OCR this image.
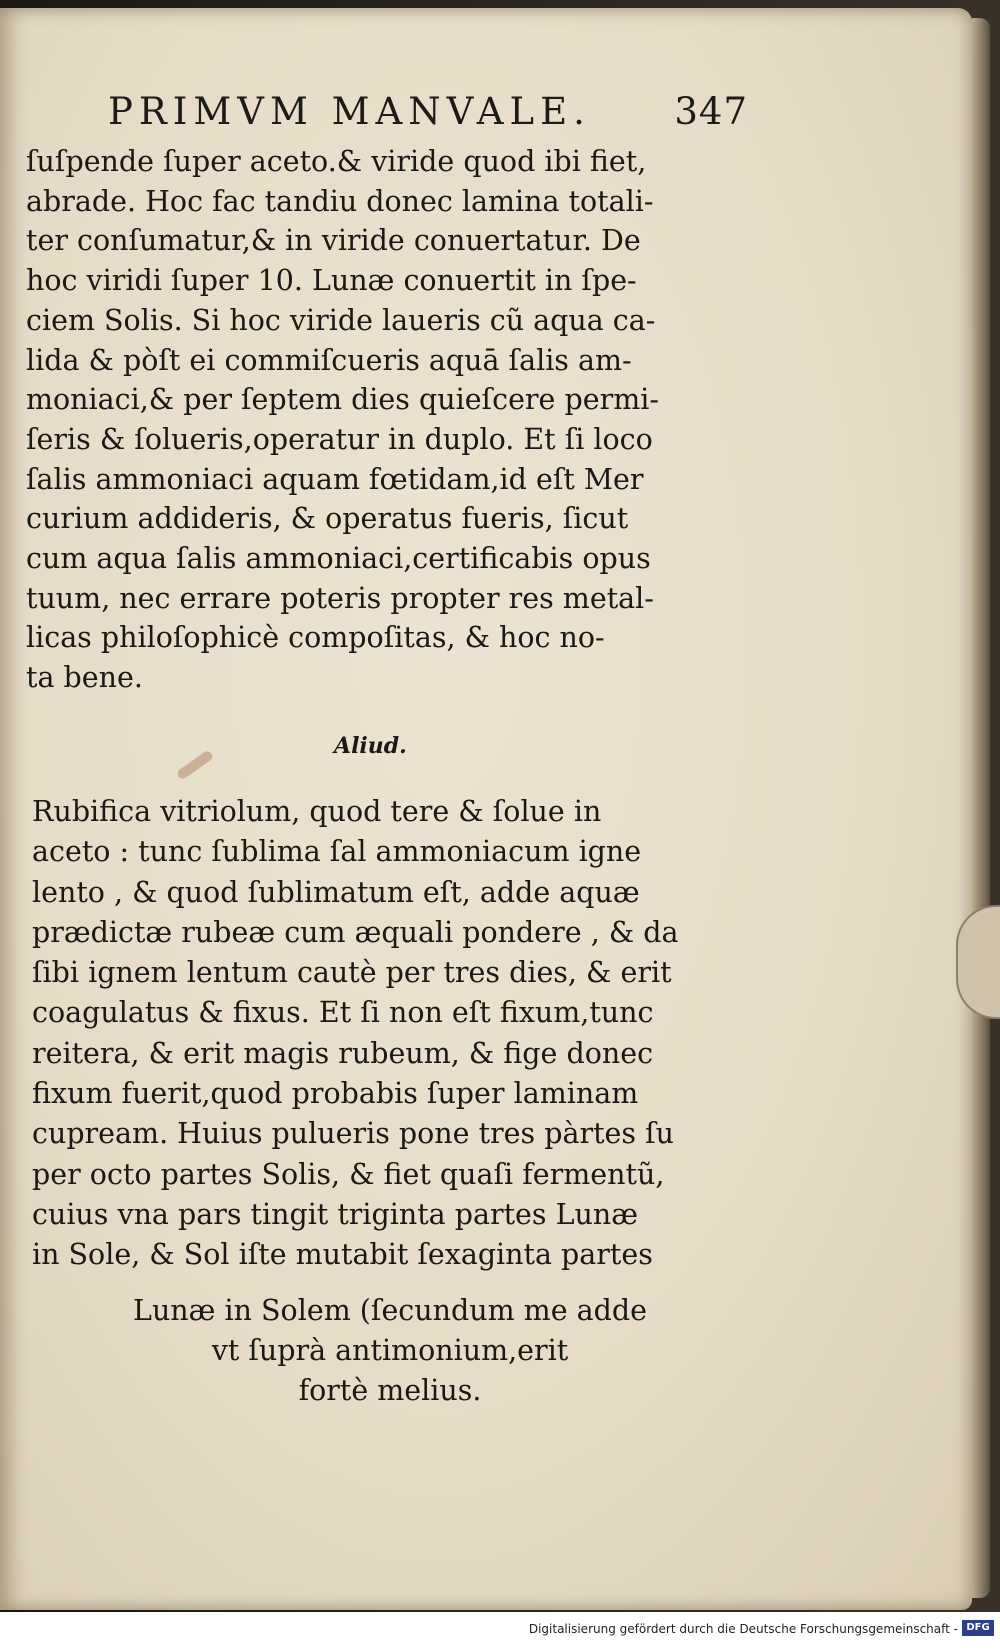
PRIMVM MANVALE. 347
ſuſpende ſuper aceto.& viride quod ibi fiet,
abrade. Hoc fac tandiu donec lamina totali-
ter conſumatur,& in viride conuertatur. De
hoc viridi ſuper 10. Lunæ conuertit in ſpe-
ciem Solis. Si hoc viride laueris cũ aqua ca-
lida & pòſt ei commiſcueris aquā ſalis am-
moniaci,& per ſeptem dies quieſcere permi-
ſeris & ſolueris,operatur in duplo. Et ſi loco
ſalis ammoniaci aquam fœtidam,id eſt Mer
curium addideris, & operatus fueris, ſicut
cum aqua ſalis ammoniaci,certificabis opus
tuum, nec errare poteris propter res metal-
licas philoſophicè compoſitas, & hoc no-
ta bene.
Aliud.
Rubifica vitriolum, quod tere & ſolue in
aceto : tunc ſublima ſal ammoniacum igne
lento , & quod ſublimatum eſt, adde aquæ
prædictæ rubeæ cum æquali pondere , & da
ſibi ignem lentum cautè per tres dies, & erit
coagulatus & fixus. Et ſi non eſt fixum,tunc
reitera, & erit magis rubeum, & fige donec
fixum fuerit,quod probabis ſuper laminam
cupream. Huius pulueris pone tres pàrtes ſu
per octo partes Solis, & fiet quaſi fermentũ,
cuius vna pars tingit triginta partes Lunæ
in Sole, & Sol iſte mutabit ſexaginta partes
Lunæ in Solem (ſecundum me adde
vt ſuprà antimonium,erit
fortè melius.
Digitalisierung gefördert durch die Deutsche Forschungsgemeinschaft - DFG
